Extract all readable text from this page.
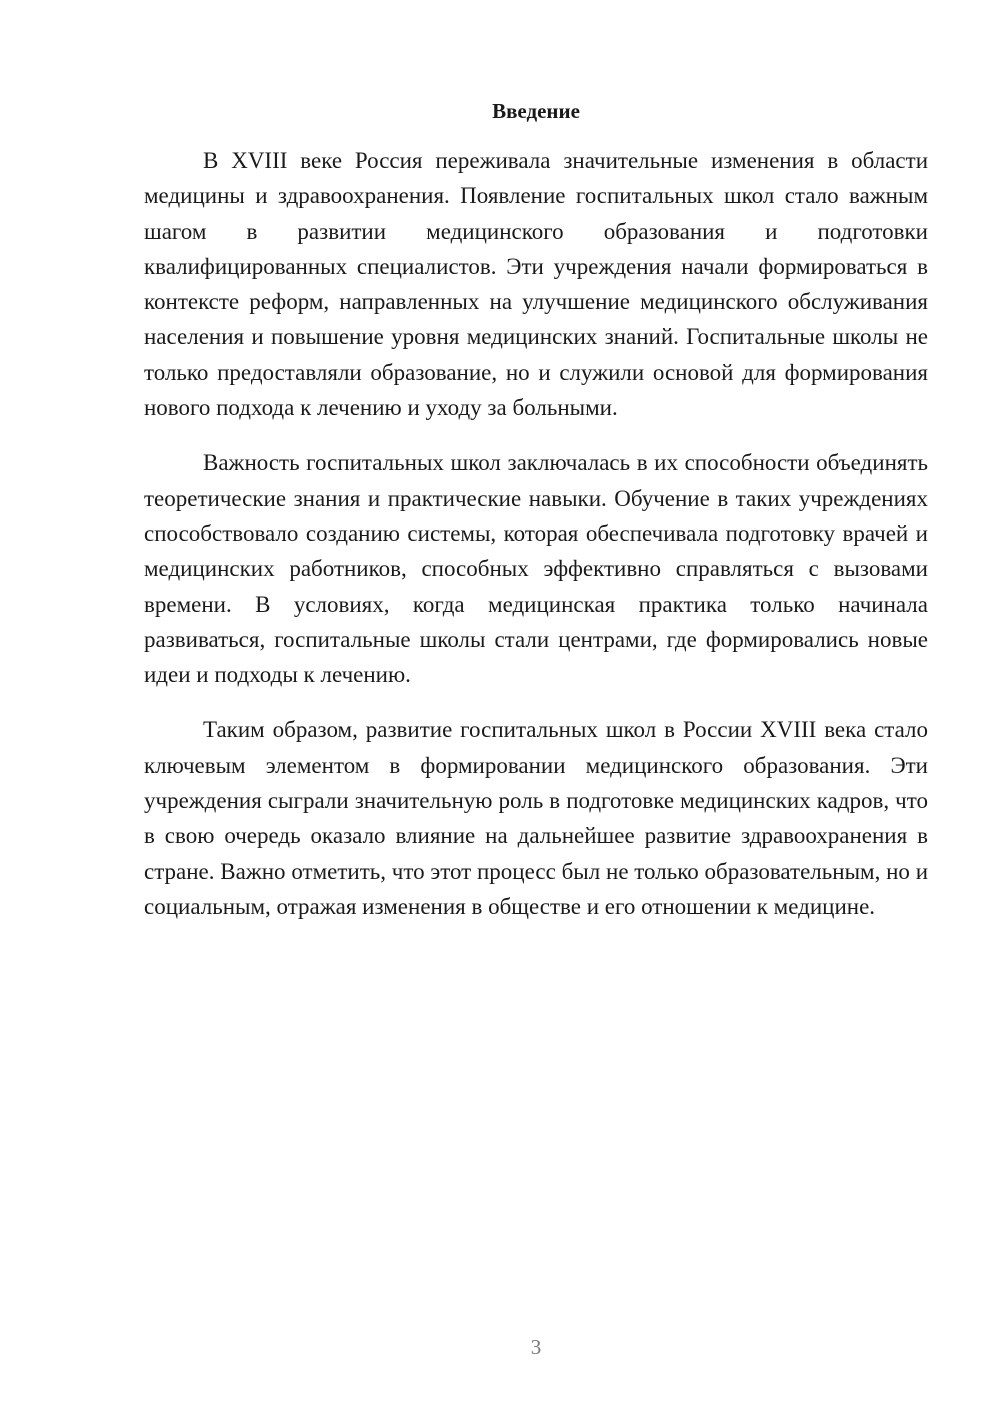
Введение

В XVIII веке Россия переживала значительные изменения в области медицины и здравоохранения. Появление госпитальных школ стало важным шагом в развитии медицинского образования и подготовки квалифицированных специалистов. Эти учреждения начали формироваться в контексте реформ, направленных на улучшение медицинского обслуживания населения и повышение уровня медицинских знаний. Госпитальные школы не только предоставляли образование, но и служили основой для формирования нового подхода к лечению и уходу за больными.

Важность госпитальных школ заключалась в их способности объединять теоретические знания и практические навыки. Обучение в таких учреждениях способствовало созданию системы, которая обеспечивала подготовку врачей и медицинских работников, способных эффективно справляться с вызовами времени. В условиях, когда медицинская практика только начинала развиваться, госпитальные школы стали центрами, где формировались новые идеи и подходы к лечению.

Таким образом, развитие госпитальных школ в России XVIII века стало ключевым элементом в формировании медицинского образования. Эти учреждения сыграли значительную роль в подготовке медицинских кадров, что в свою очередь оказало влияние на дальнейшее развитие здравоохранения в стране. Важно отметить, что этот процесс был не только образовательным, но и социальным, отражая изменения в обществе и его отношении к медицине.

3
